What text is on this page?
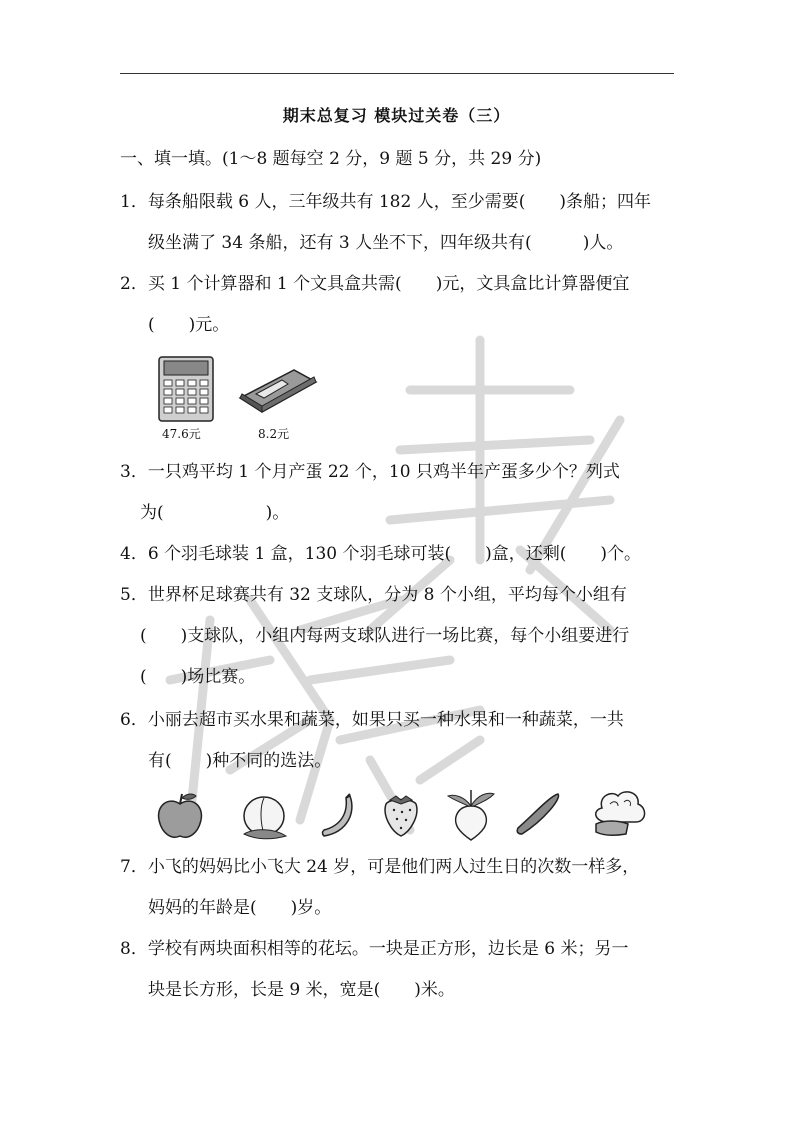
期末总复习 模块过关卷（三）
一、填一填。(1～8 题每空 2 分，9 题 5 分，共 29 分)
1．每条船限载 6 人，三年级共有 182 人，至少需要(　　)条船；四年
级坐满了 34 条船，还有 3 人坐不下，四年级共有(　　　)人。
2．买 1 个计算器和 1 个文具盒共需(　　)元，文具盒比计算器便宜
(　　)元。
47.6元	8.2元
3．一只鸡平均 1 个月产蛋 22 个，10 只鸡半年产蛋多少个？列式
为(　　　　　　)。
4．6 个羽毛球装 1 盒，130 个羽毛球可装(　　)盒，还剩(　　)个。
5．世界杯足球赛共有 32 支球队，分为 8 个小组，平均每个小组有
(　　)支球队，小组内每两支球队进行一场比赛，每个小组要进行
(　　)场比赛。
6．小丽去超市买水果和蔬菜，如果只买一种水果和一种蔬菜，一共
有(　　)种不同的选法。
7．小飞的妈妈比小飞大 24 岁，可是他们两人过生日的次数一样多，
妈妈的年龄是(　　)岁。
8．学校有两块面积相等的花坛。一块是正方形，边长是 6 米；另一
块是长方形，长是 9 米，宽是(　　)米。
